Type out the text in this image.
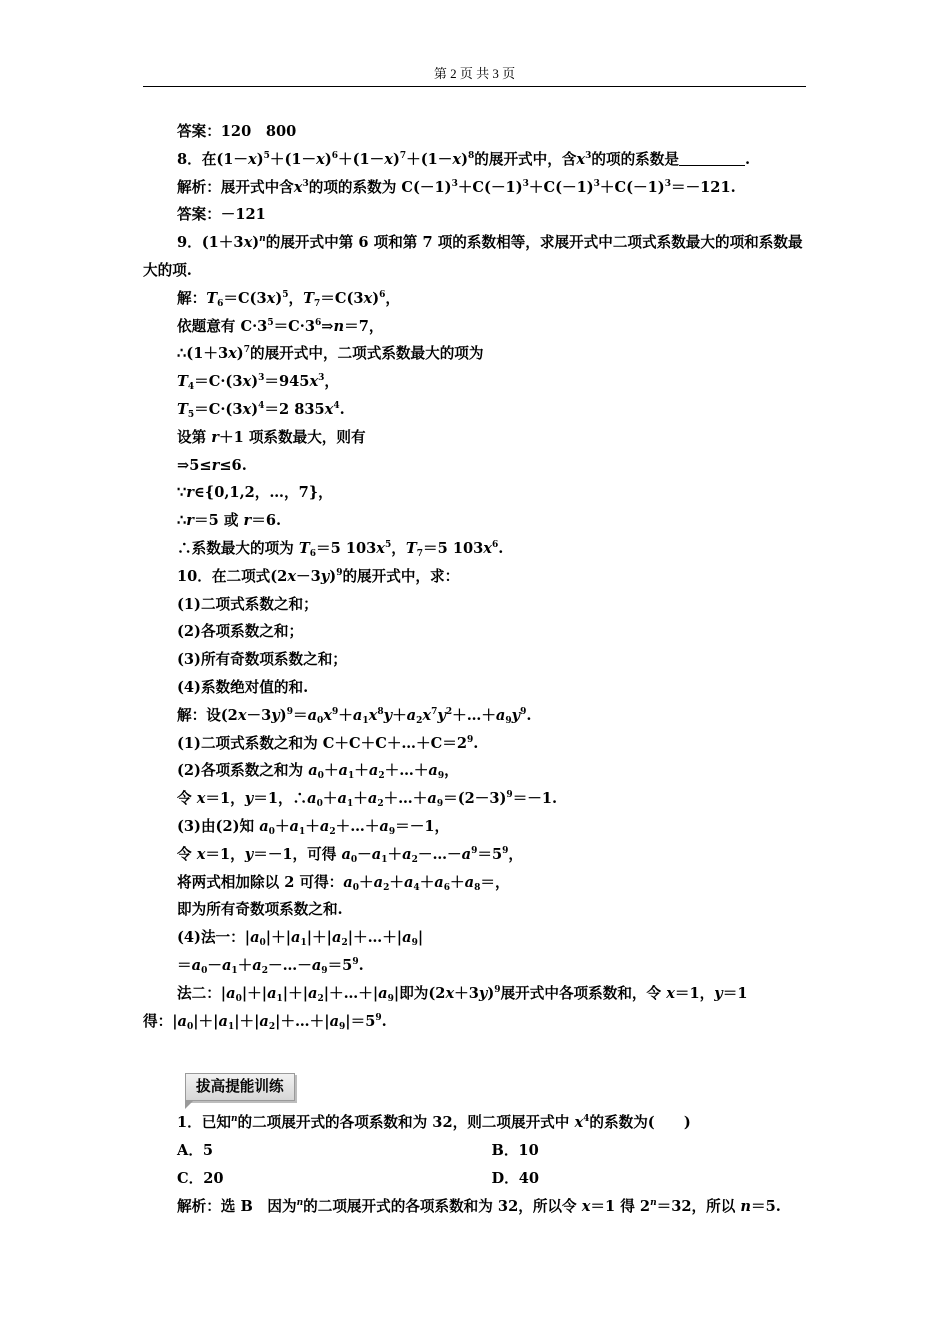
第 2 页 共 3 页
答案：120　800
8．在$(1-x)^5+(1-x)^6+(1-x)^7+(1-x)^8$的展开式中，含$x^3$的项的系数是	.
解析：展开式中含$x^3$的项的系数为 $C(-1)^3+C(-1)^3+C(-1)^3+C(-1)^3=-121$.
答案：－121
9．$(1+3x)^n$的展开式中第 6 项和第 7 项的系数相等，求展开式中二项式系数最大的项和系数最大的项.
解：$T_6=C(3x)^5$，$T_7=C(3x)^6$，
依题意有 $C\cdot 3^5=C\cdot 3^6\Rightarrow n=7$，
$\therefore(1+3x)^7$的展开式中，二项式系数最大的项为
$T_4=C\cdot(3x)^3=945x^3$，
$T_5=C\cdot(3x)^4=2$ $835x^4$.
设第 r＋1 项系数最大，则有
⇒5≤r≤6.
∵r∈{0,1,2，…，7}，
∴r＝5 或 r＝6.
∴系数最大的项为 $T_6=5$ $103x^5$，$T_7=5$ $103x^6$.
10．在二项式$(2x-3y)^9$的展开式中，求：
(1)二项式系数之和；
(2)各项系数之和；
(3)所有奇数项系数之和；
(4)系数绝对值的和.
解：设$(2x-3y)^9=a_0x^9+a_1x^8y+a_2x^7y^2+\dots+a_9y^9$.
(1)二项式系数之和为 $C+C+C+\dots+C=2^9$.
(2)各项系数之和为 $a_0+a_1+a_2+\dots+a_9$，
令 x＝1，y＝1，$\therefore a_0+a_1+a_2+\dots+a_9=(2-3)^9=-1$.
(3)由(2)知 $a_0+a_1+a_2+\dots+a_9=-1$，
令 x＝1，y＝－1，可得 $a_0-a_1+a_2-\dots-a^9=5^9$，
将两式相加除以 2 可得：$a_0+a_2+a_4+a_6+a_8=$，
即为所有奇数项系数之和.
(4)法一：$|a_0|+|a_1|+|a_2|+\dots+|a_9|$
$=a_0-a_1+a_2-\dots-a_9=5^9$.
法二：$|a_0|+|a_1|+|a_2|+\dots+|a_9|$即为$(2x+3y)^9$展开式中各项系数和，令 x＝1，y＝1 得：$|a_0|+|a_1|+|a_2|+\dots+|a_9|=5^9$.
拔高提能训练
1．已知$^n$的二项展开式的各项系数和为 32，则二项展开式中 $x^4$的系数为(　　)
A．5	B．10
C．20	D．40
解析：选 B　因为$^n$的二项展开式的各项系数和为 32，所以令 x＝1 得 $2^n=32$，所以 n＝5.
